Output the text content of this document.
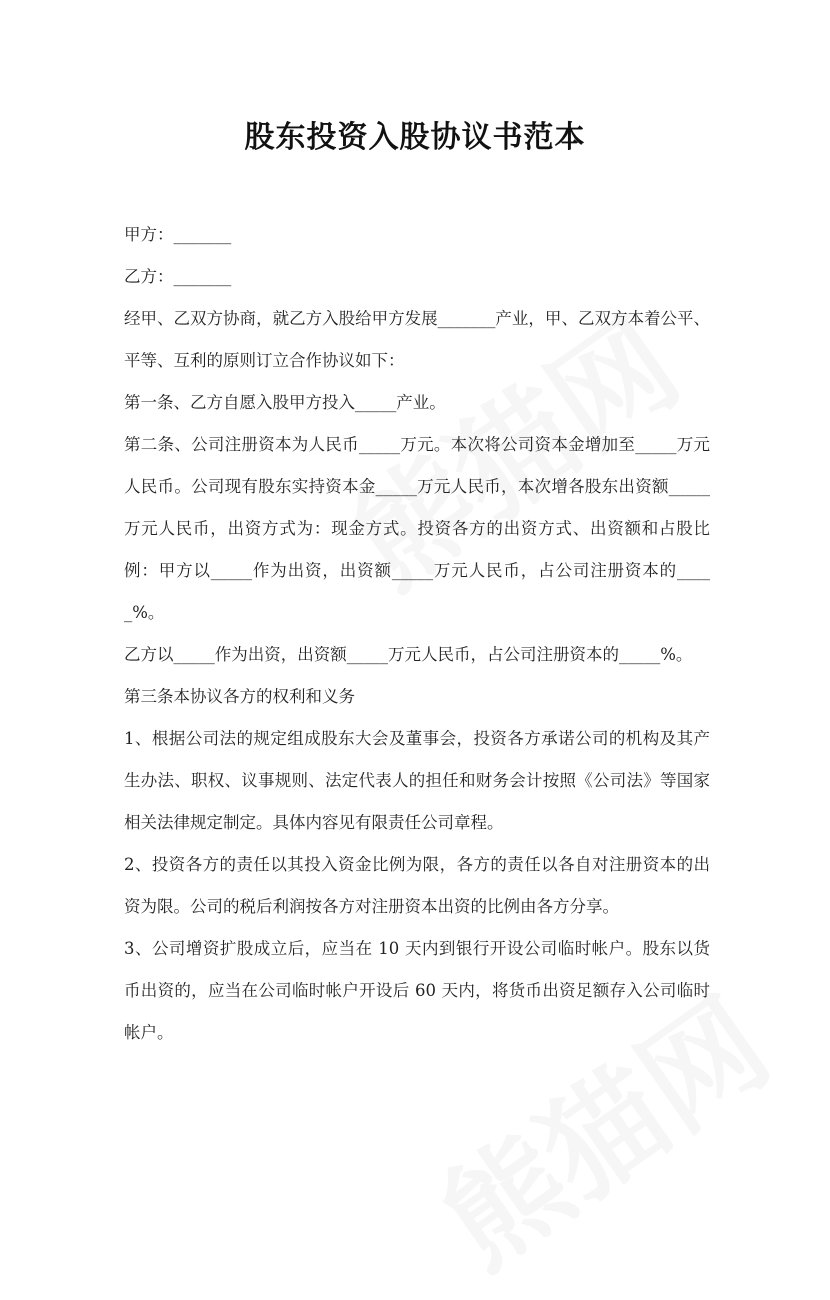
股东投资入股协议书范本

甲方：_______

乙方：_______

经甲、乙双方协商，就乙方入股给甲方发展_______产业，甲、乙双方本着公平、平等、互利的原则订立合作协议如下：

第一条、乙方自愿入股甲方投入_____产业。

第二条、公司注册资本为人民币_____万元。本次将公司资本金增加至_____万元人民币。公司现有股东实持资本金_____万元人民币，本次增各股东出资额_____万元人民币，出资方式为：现金方式。投资各方的出资方式、出资额和占股比例：甲方以_____作为出资，出资额_____万元人民币，占公司注册资本的_____%。

乙方以_____作为出资，出资额_____万元人民币，占公司注册资本的_____%。

第三条本协议各方的权利和义务

1、根据公司法的规定组成股东大会及董事会，投资各方承诺公司的机构及其产生办法、职权、议事规则、法定代表人的担任和财务会计按照《公司法》等国家相关法律规定制定。具体内容见有限责任公司章程。

2、投资各方的责任以其投入资金比例为限，各方的责任以各自对注册资本的出资为限。公司的税后利润按各方对注册资本出资的比例由各方分享。

3、公司增资扩股成立后，应当在 10 天内到银行开设公司临时帐户。股东以货币出资的，应当在公司临时帐户开设后 60 天内，将货币出资足额存入公司临时帐户。
